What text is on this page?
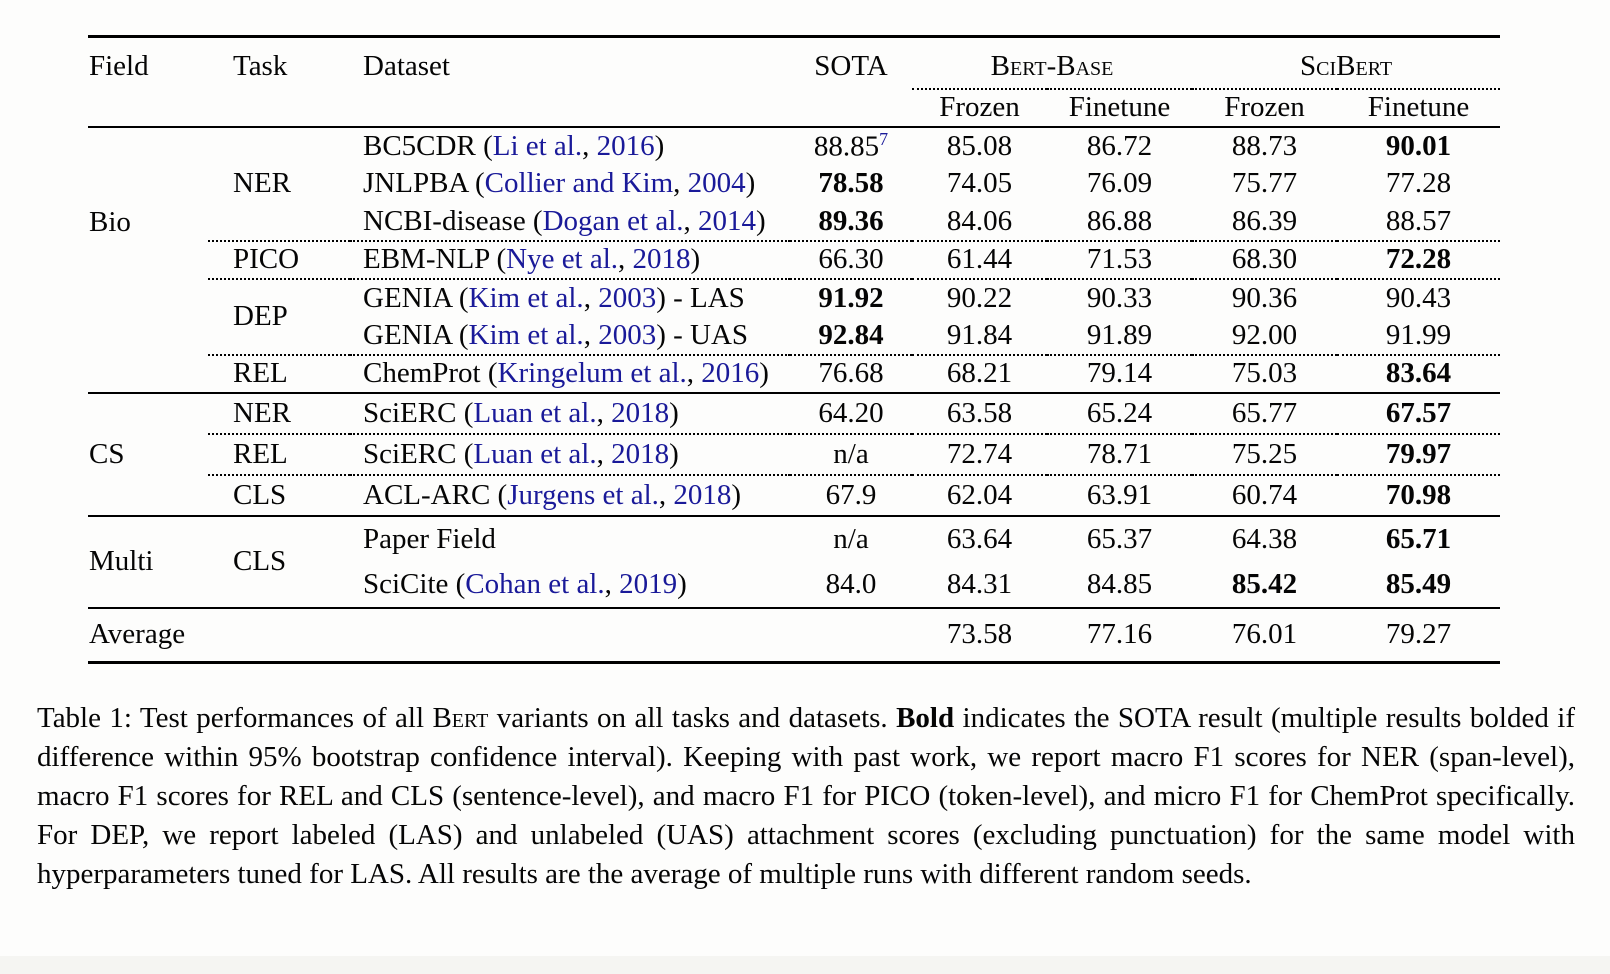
Field	Task	Dataset	SOTA	Bert-Base		SciBert	
				Frozen	Finetune	Frozen	Finetune
Bio	NER	BC5CDR (Li et al., 2016)	88.85$^7$	85.08	86.72	88.73	90.01
		JNLPBA (Collier and Kim, 2004)	78.58	74.05	76.09	75.77	77.28
		NCBI-disease (Dogan et al., 2014)	89.36	84.06	86.88	86.39	88.57
	PICO	EBM-NLP (Nye et al., 2018)	66.30	61.44	71.53	68.30	72.28
	DEP	GENIA (Kim et al., 2003) - LAS	91.92	90.22	90.33	90.36	90.43
		GENIA (Kim et al., 2003) - UAS	92.84	91.84	91.89	92.00	91.99
	REL	ChemProt (Kringelum et al., 2016)	76.68	68.21	79.14	75.03	83.64
CS	NER	SciERC (Luan et al., 2018)	64.20	63.58	65.24	65.77	67.57
	REL	SciERC (Luan et al., 2018)	n/a	72.74	78.71	75.25	79.97
	CLS	ACL-ARC (Jurgens et al., 2018)	67.9	62.04	63.91	60.74	70.98
Multi	CLS	Paper Field	n/a	63.64	65.37	64.38	65.71
		SciCite (Cohan et al., 2019)	84.0	84.31	84.85	85.42	85.49
Average				73.58	77.16	76.01	79.27
Table 1: Test performances of all Bert variants on all tasks and datasets. Bold indicates the SOTA result (multiple results bolded if difference within 95% bootstrap confidence interval). Keeping with past work, we report macro F1 scores for NER (span-level), macro F1 scores for REL and CLS (sentence-level), and macro F1 for PICO (token-level), and micro F1 for ChemProt specifically. For DEP, we report labeled (LAS) and unlabeled (UAS) attachment scores (excluding punctuation) for the same model with hyperparameters tuned for LAS. All results are the average of multiple runs with different random seeds.
